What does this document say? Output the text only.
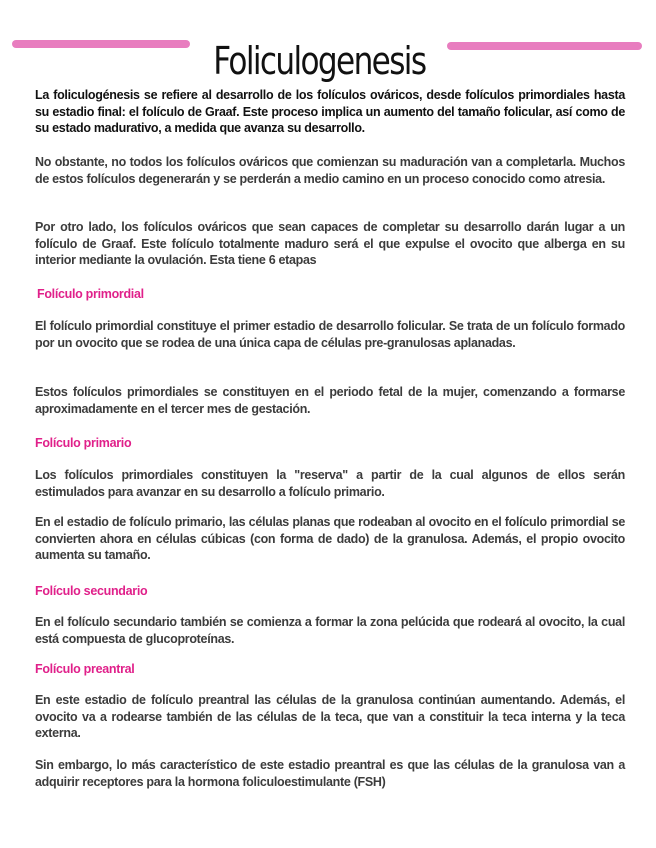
Foliculogenesis

La foliculogénesis se refiere al desarrollo de los folículos ováricos, desde folículos primordiales hasta su estadio final: el folículo de Graaf. Este proceso implica un aumento del tamaño folicular, así como de su estado madurativo, a medida que avanza su desarrollo.

No obstante, no todos los folículos ováricos que comienzan su maduración van a completarla. Muchos de estos folículos degenerarán y se perderán a medio camino en un proceso conocido como atresia.

Por otro lado, los folículos ováricos que sean capaces de completar su desarrollo darán lugar a un folículo de Graaf. Este folículo totalmente maduro será el que expulse el ovocito que alberga en su interior mediante la ovulación. Esta tiene 6 etapas

Folículo primordial

El folículo primordial constituye el primer estadio de desarrollo folicular. Se trata de un folículo formado por un ovocito que se rodea de una única capa de células pre-granulosas aplanadas.

Estos folículos primordiales se constituyen en el periodo fetal de la mujer, comenzando a formarse aproximadamente en el tercer mes de gestación.

Folículo primario

Los folículos primordiales constituyen la "reserva" a partir de la cual algunos de ellos serán estimulados para avanzar en su desarrollo a folículo primario.

En el estadio de folículo primario, las células planas que rodeaban al ovocito en el folículo primordial se convierten ahora en células cúbicas (con forma de dado) de la granulosa. Además, el propio ovocito aumenta su tamaño.

Folículo secundario

En el folículo secundario también se comienza a formar la zona pelúcida que rodeará al ovocito, la cual está compuesta de glucoproteínas.

Folículo preantral

En este estadio de folículo preantral las células de la granulosa continúan aumentando. Además, el ovocito va a rodearse también de las células de la teca, que van a constituir la teca interna y la teca externa.

Sin embargo, lo más característico de este estadio preantral es que las células de la granulosa van a adquirir receptores para la hormona foliculoestimulante (FSH)
